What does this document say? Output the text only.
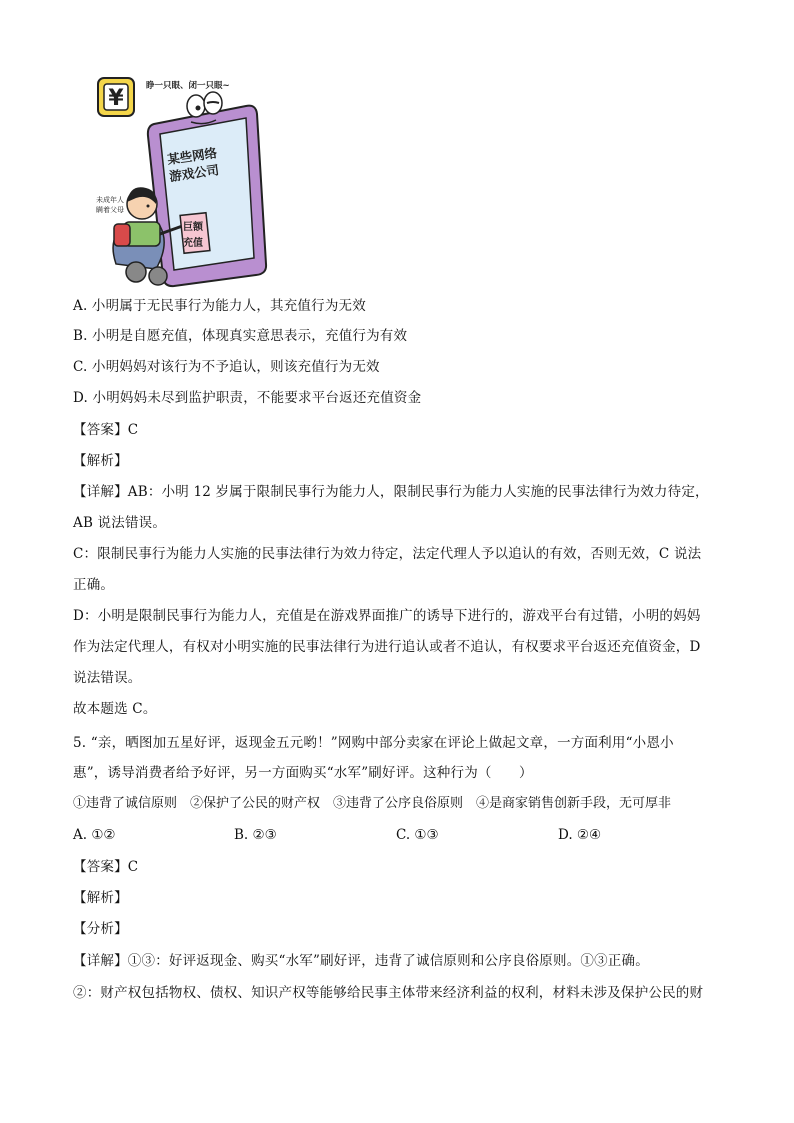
¥	睁一只眼、闭一只眼~
某些网络
游戏公司
未成年人
瞒着父母
巨额
充值
A. 小明属于无民事行为能力人，其充值行为无效
B. 小明是自愿充值，体现真实意思表示，充值行为有效
C. 小明妈妈对该行为不予追认，则该充值行为无效
D. 小明妈妈未尽到监护职责，不能要求平台返还充值资金
【答案】C
【解析】
【详解】AB：小明 12 岁属于限制民事行为能力人，限制民事行为能力人实施的民事法律行为效力待定，
AB 说法错误。
C：限制民事行为能力人实施的民事法律行为效力待定，法定代理人予以追认的有效，否则无效，C 说法
正确。
D：小明是限制民事行为能力人，充值是在游戏界面推广的诱导下进行的，游戏平台有过错，小明的妈妈
作为法定代理人，有权对小明实施的民事法律行为进行追认或者不追认，有权要求平台返还充值资金，D
说法错误。
故本题选 C。
5. “亲，晒图加五星好评，返现金五元哟！”网购中部分卖家在评论上做起文章，一方面利用“小恩小
惠”，诱导消费者给予好评，另一方面购买“水军”刷好评。这种行为（　　）
①违背了诚信原则　②保护了公民的财产权　③违背了公序良俗原则　④是商家销售创新手段，无可厚非
A. ①②	B. ②③	C. ①③	D. ②④
【答案】C
【解析】
【分析】
【详解】①③：好评返现金、购买“水军”刷好评，违背了诚信原则和公序良俗原则。①③正确。
②：财产权包括物权、债权、知识产权等能够给民事主体带来经济利益的权利，材料未涉及保护公民的财
